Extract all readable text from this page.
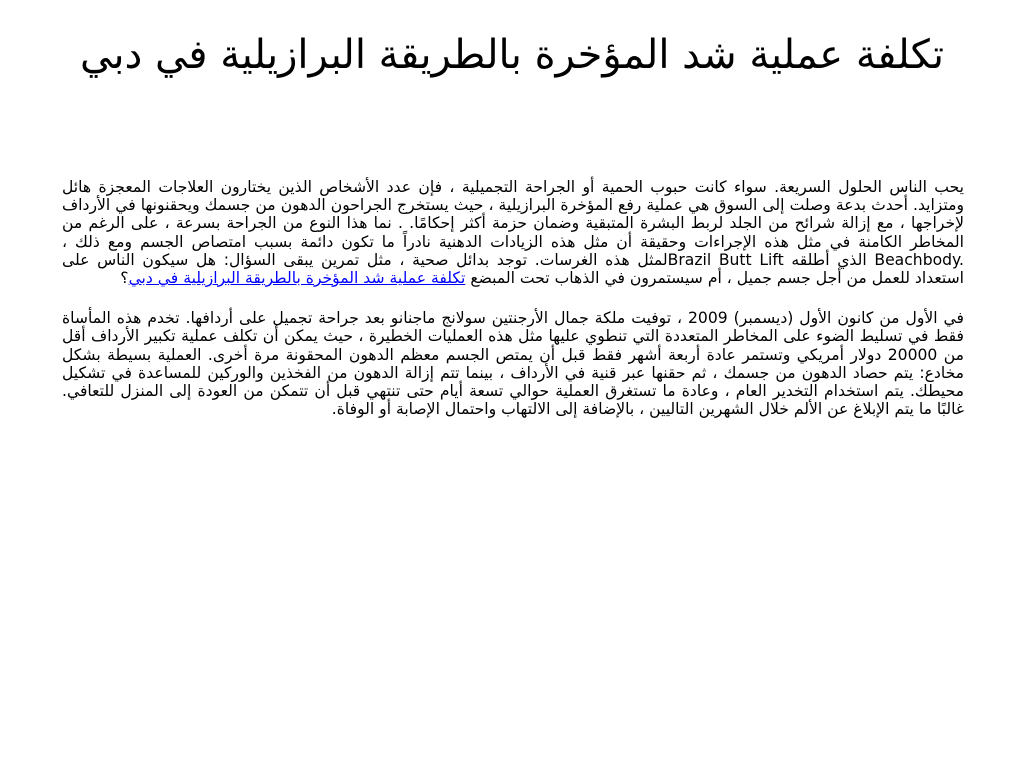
تكلفة عملية شد المؤخرة بالطريقة البرازيلية في دبي

يحب الناس الحلول السريعة. سواء كانت حبوب الحمية أو الجراحة التجميلية ، فإن عدد الأشخاص الذين يختارون العلاجات المعجزة هائل ومتزايد. أحدث بدعة وصلت إلى السوق هي عملية رفع المؤخرة البرازيلية ، حيث يستخرج الجراحون الدهون من جسمك ويحقنونها في الأرداف لإخراجها ، مع إزالة شرائح من الجلد لربط البشرة المتبقية وضمان حزمة أكثر إحكامًا. . نما هذا النوع من الجراحة بسرعة ، على الرغم من المخاطر الكامنة في مثل هذه الإجراءات وحقيقة أن مثل هذه الزيادات الدهنية نادراً ما تكون دائمة بسبب امتصاص الجسم ومع ذلك ، Beachbody. الذي أطلقه Brazil Butt Liftلمثل هذه الغرسات. توجد بدائل صحية ، مثل تمرين يبقى السؤال: هل سيكون الناس على استعداد للعمل من أجل جسم جميل ، أم سيستمرون في الذهاب تحت المبضع تكلفة عملية شد المؤخرة بالطريقة البرازيلية في دبي؟

في الأول من كانون الأول (ديسمبر) 2009 ، توفيت ملكة جمال الأرجنتين سولانج ماجنانو بعد جراحة تجميل على أردافها. تخدم هذه المأساة فقط في تسليط الضوء على المخاطر المتعددة التي تنطوي عليها مثل هذه العمليات الخطيرة ، حيث يمكن أن تكلف عملية تكبير الأرداف أقل من 20000 دولار أمريكي وتستمر عادة أربعة أشهر فقط قبل أن يمتص الجسم معظم الدهون المحقونة مرة أخرى. العملية بسيطة بشكل مخادع: يتم حصاد الدهون من جسمك ، ثم حقنها عبر قنية في الأرداف ، بينما تتم إزالة الدهون من الفخذين والوركين للمساعدة في تشكيل محيطك. يتم استخدام التخدير العام ، وعادة ما تستغرق العملية حوالي تسعة أيام حتى تنتهي قبل أن تتمكن من العودة إلى المنزل للتعافي. غالبًا ما يتم الإبلاغ عن الألم خلال الشهرين التاليين ، بالإضافة إلى الالتهاب واحتمال الإصابة أو الوفاة.
